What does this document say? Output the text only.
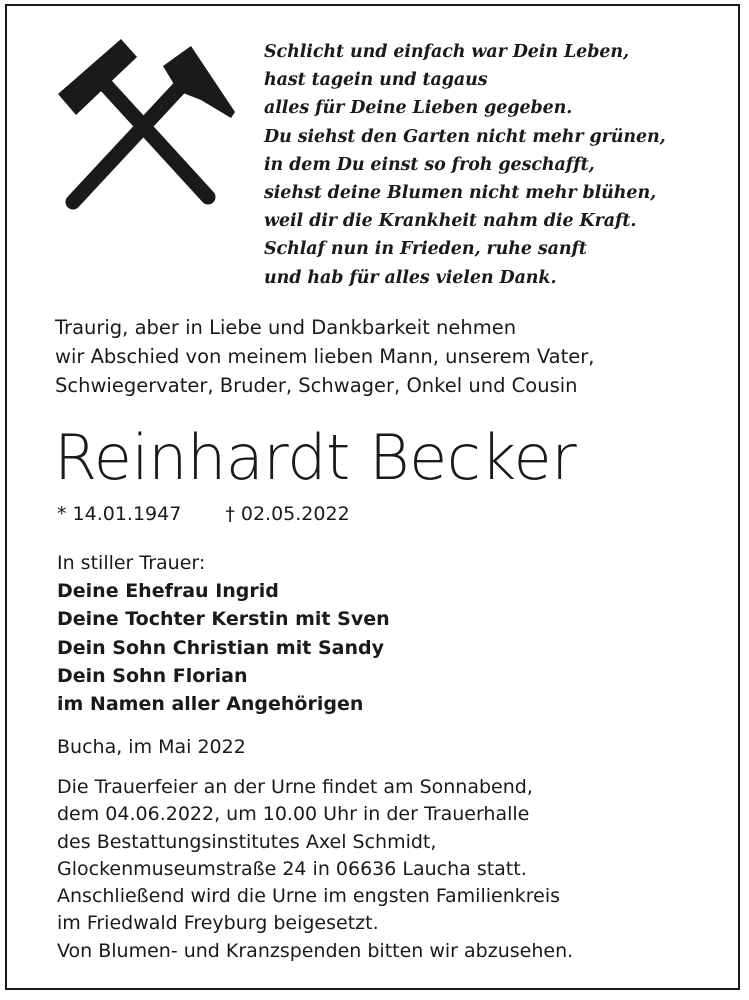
Schlicht und einfach war Dein Leben,
hast tagein und tagaus
alles für Deine Lieben gegeben.
Du siehst den Garten nicht mehr grünen,
in dem Du einst so froh geschafft,
siehst deine Blumen nicht mehr blühen,
weil dir die Krankheit nahm die Kraft.
Schlaf nun in Frieden, ruhe sanft
und hab für alles vielen Dank.
Traurig, aber in Liebe und Dankbarkeit nehmen
wir Abschied von meinem lieben Mann, unserem Vater,
Schwiegervater, Bruder, Schwager, Onkel und Cousin
Reinhardt Becker
* 14.01.1947 † 02.05.2022
In stiller Trauer:
Deine Ehefrau Ingrid
Deine Tochter Kerstin mit Sven
Dein Sohn Christian mit Sandy
Dein Sohn Florian
im Namen aller Angehörigen
Bucha, im Mai 2022
Die Trauerfeier an der Urne findet am Sonnabend,
dem 04.06.2022, um 10.00 Uhr in der Trauerhalle
des Bestattungsinstitutes Axel Schmidt,
Glockenmuseumstraße 24 in 06636 Laucha statt.
Anschließend wird die Urne im engsten Familienkreis
im Friedwald Freyburg beigesetzt.
Von Blumen- und Kranzspenden bitten wir abzusehen.
